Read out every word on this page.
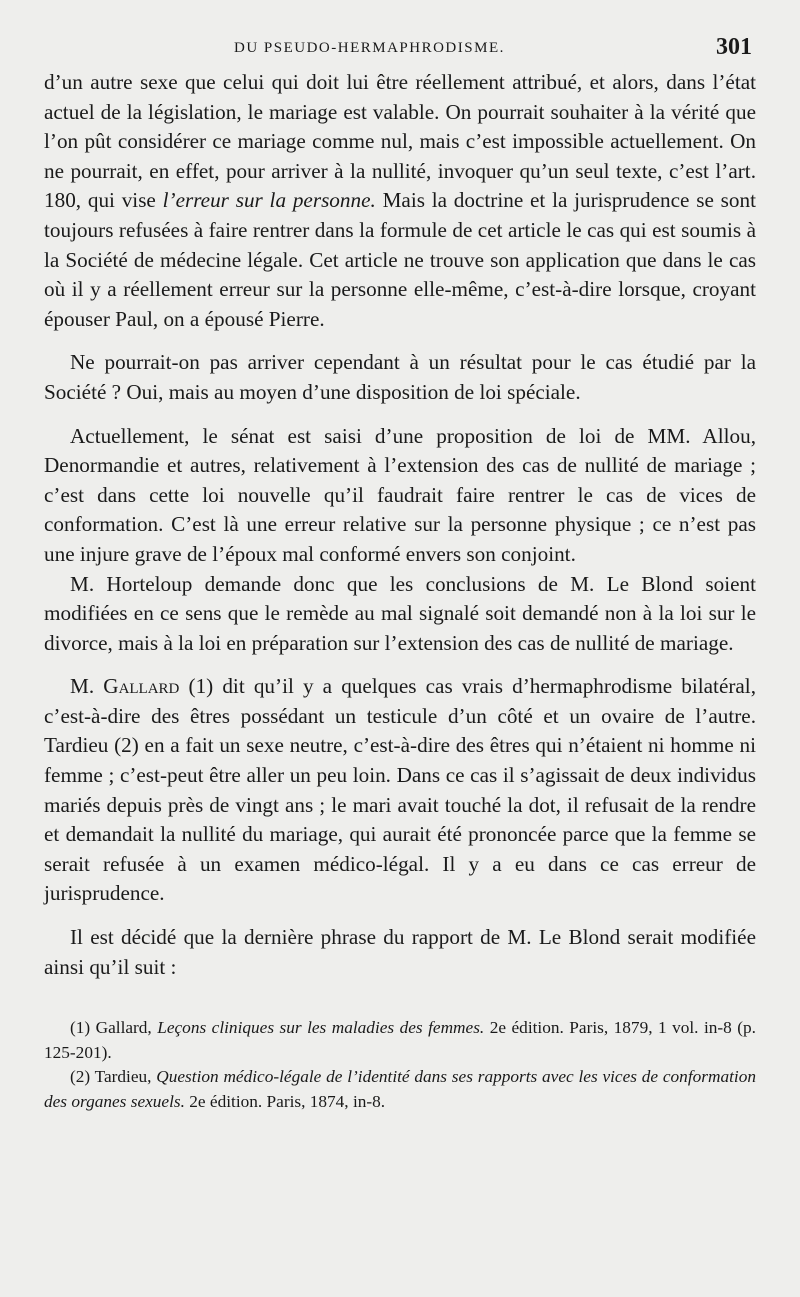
DU PSEUDO-HERMAPHRODISME.	301

d’un autre sexe que celui qui doit lui être réellement attribué, et alors, dans l’état actuel de la législation, le mariage est valable. On pourrait souhaiter à la vérité que l’on pût considérer ce mariage comme nul, mais c’est impossible actuellement. On ne pourrait, en effet, pour arriver à la nullité, invoquer qu’un seul texte, c’est l’art. 180, qui vise l’erreur sur la personne. Mais la doctrine et la jurisprudence se sont toujours refusées à faire rentrer dans la formule de cet article le cas qui est soumis à la Société de médecine légale. Cet article ne trouve son application que dans le cas où il y a réellement erreur sur la personne elle-même, c’est-à-dire lorsque, croyant épouser Paul, on a épousé Pierre.

Ne pourrait-on pas arriver cependant à un résultat pour le cas étudié par la Société ? Oui, mais au moyen d’une disposition de loi spéciale.

Actuellement, le sénat est saisi d’une proposition de loi de MM. Allou, Denormandie et autres, relativement à l’extension des cas de nullité de mariage ; c’est dans cette loi nouvelle qu’il faudrait faire rentrer le cas de vices de conformation. C’est là une erreur relative sur la personne physique ; ce n’est pas une injure grave de l’époux mal conformé envers son conjoint.

M. Horteloup demande donc que les conclusions de M. Le Blond soient modifiées en ce sens que le remède au mal signalé soit demandé non à la loi sur le divorce, mais à la loi en préparation sur l’extension des cas de nullité de mariage.

M. Gallard (1) dit qu’il y a quelques cas vrais d’hermaphrodisme bilatéral, c’est-à-dire des êtres possédant un testicule d’un côté et un ovaire de l’autre. Tardieu (2) en a fait un sexe neutre, c’est-à-dire des êtres qui n’étaient ni homme ni femme ; c’est-peut être aller un peu loin. Dans ce cas il s’agissait de deux individus mariés depuis près de vingt ans ; le mari avait touché la dot, il refusait de la rendre et demandait la nullité du mariage, qui aurait été prononcée parce que la femme se serait refusée à un examen médico-légal. Il y a eu dans ce cas erreur de jurisprudence.

Il est décidé que la dernière phrase du rapport de M. Le Blond serait modifiée ainsi qu’il suit :

(1) Gallard, Leçons cliniques sur les maladies des femmes. 2e édition. Paris, 1879, 1 vol. in-8 (p. 125-201).

(2) Tardieu, Question médico-légale de l’identité dans ses rapports avec les vices de conformation des organes sexuels. 2e édition. Paris, 1874, in-8.
